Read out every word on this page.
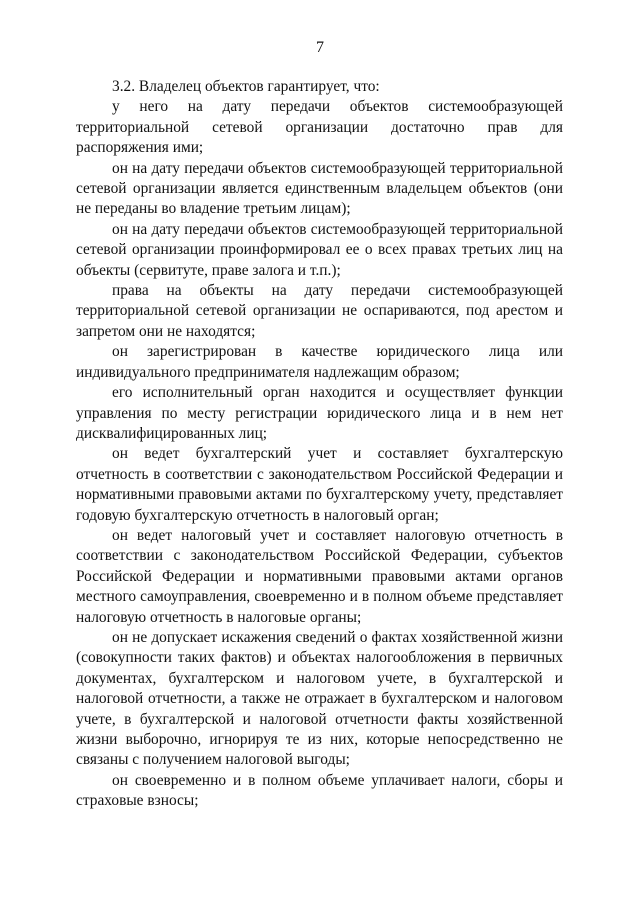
7

3.2. Владелец объектов гарантирует, что:

у него на дату передачи объектов системообразующей территориальной сетевой организации достаточно прав для распоряжения ими;

он на дату передачи объектов системообразующей территориальной сетевой организации является единственным владельцем объектов (они не переданы во владение третьим лицам);

он на дату передачи объектов системообразующей территориальной сетевой организации проинформировал ее о всех правах третьих лиц на объекты (сервитуте, праве залога и т.п.);

права на объекты на дату передачи системообразующей территориальной сетевой организации не оспариваются, под арестом и запретом они не находятся;

он зарегистрирован в качестве юридического лица или индивидуального предпринимателя надлежащим образом;

его исполнительный орган находится и осуществляет функции управления по месту регистрации юридического лица и в нем нет дисквалифицированных лиц;

он ведет бухгалтерский учет и составляет бухгалтерскую отчетность в соответствии с законодательством Российской Федерации и нормативными правовыми актами по бухгалтерскому учету, представляет годовую бухгалтерскую отчетность в налоговый орган;

он ведет налоговый учет и составляет налоговую отчетность в соответствии с законодательством Российской Федерации, субъектов Российской Федерации и нормативными правовыми актами органов местного самоуправления, своевременно и в полном объеме представляет налоговую отчетность в налоговые органы;

он не допускает искажения сведений о фактах хозяйственной жизни (совокупности таких фактов) и объектах налогообложения в первичных документах, бухгалтерском и налоговом учете, в бухгалтерской и налоговой отчетности, а также не отражает в бухгалтерском и налоговом учете, в бухгалтерской и налоговой отчетности факты хозяйственной жизни выборочно, игнорируя те из них, которые непосредственно не связаны с получением налоговой выгоды;

он своевременно и в полном объеме уплачивает налоги, сборы и страховые взносы;
